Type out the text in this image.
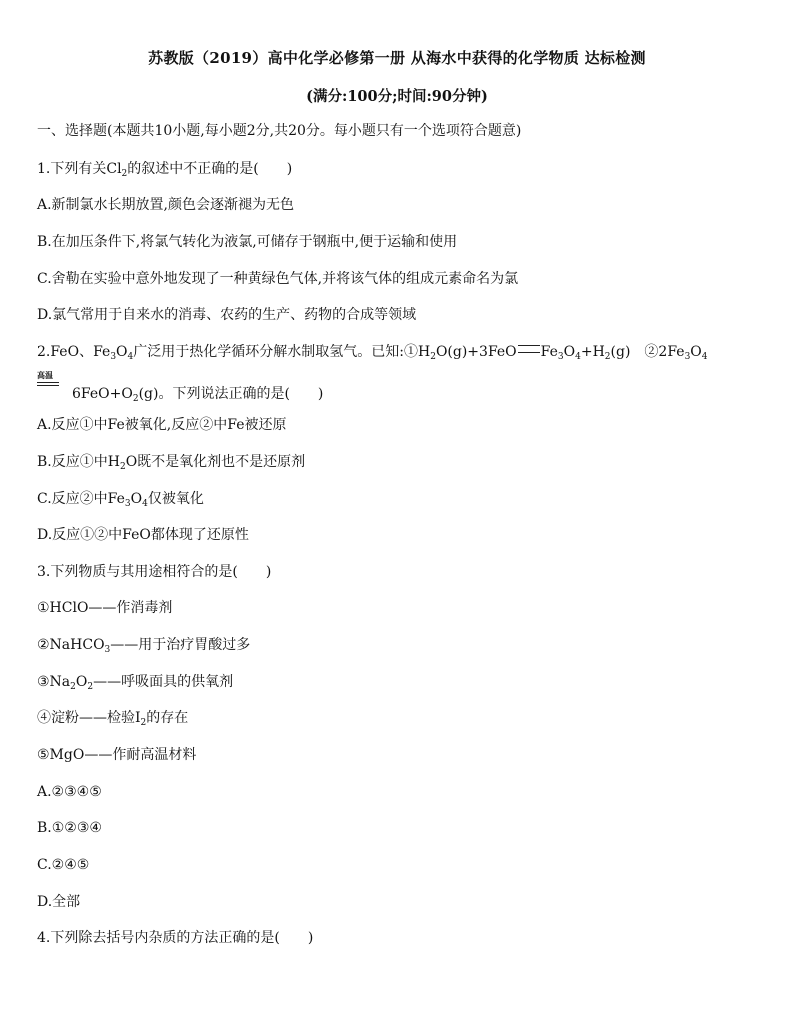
苏教版（2019）高中化学必修第一册 从海水中获得的化学物质 达标检测
(满分:100分;时间:90分钟)
一、选择题(本题共10小题,每小题2分,共20分。每小题只有一个选项符合题意)
1.下列有关$Cl_2$的叙述中不正确的是(　　)
A.新制氯水长期放置,颜色会逐渐褪为无色
B.在加压条件下,将氯气转化为液氯,可储存于钢瓶中,便于运输和使用
C.舍勒在实验中意外地发现了一种黄绿色气体,并将该气体的组成元素命名为氯
D.氯气常用于自来水的消毒、农药的生产、药物的合成等领域
2.FeO、$Fe_3O_4$广泛用于热化学循环分解水制取氢气。已知$:①H_2O(g)+3FeO$ $Fe_3O_4+H_2(g)$　$②2Fe_3O_4$
高温
$6FeO+O_2(g)$。下列说法正确的是(　　)
A.反应①中Fe被氧化,反应②中Fe被还原
B.反应①中$H_2O$既不是氧化剂也不是还原剂
C.反应②中$Fe_3O_4$仅被氧化
D.反应①②中FeO都体现了还原性
3.下列物质与其用途相符合的是(　　)
①HClO——作消毒剂
②NaHCO$_3$——用于治疗胃酸过多
$③Na_2O_2——$呼吸面具的供氧剂
④淀粉——检验$I_2$的存在
⑤MgO——作耐高温材料
A.②③④⑤
B.①②③④
C.②④⑤
D.全部
4.下列除去括号内杂质的方法正确的是(　　)
